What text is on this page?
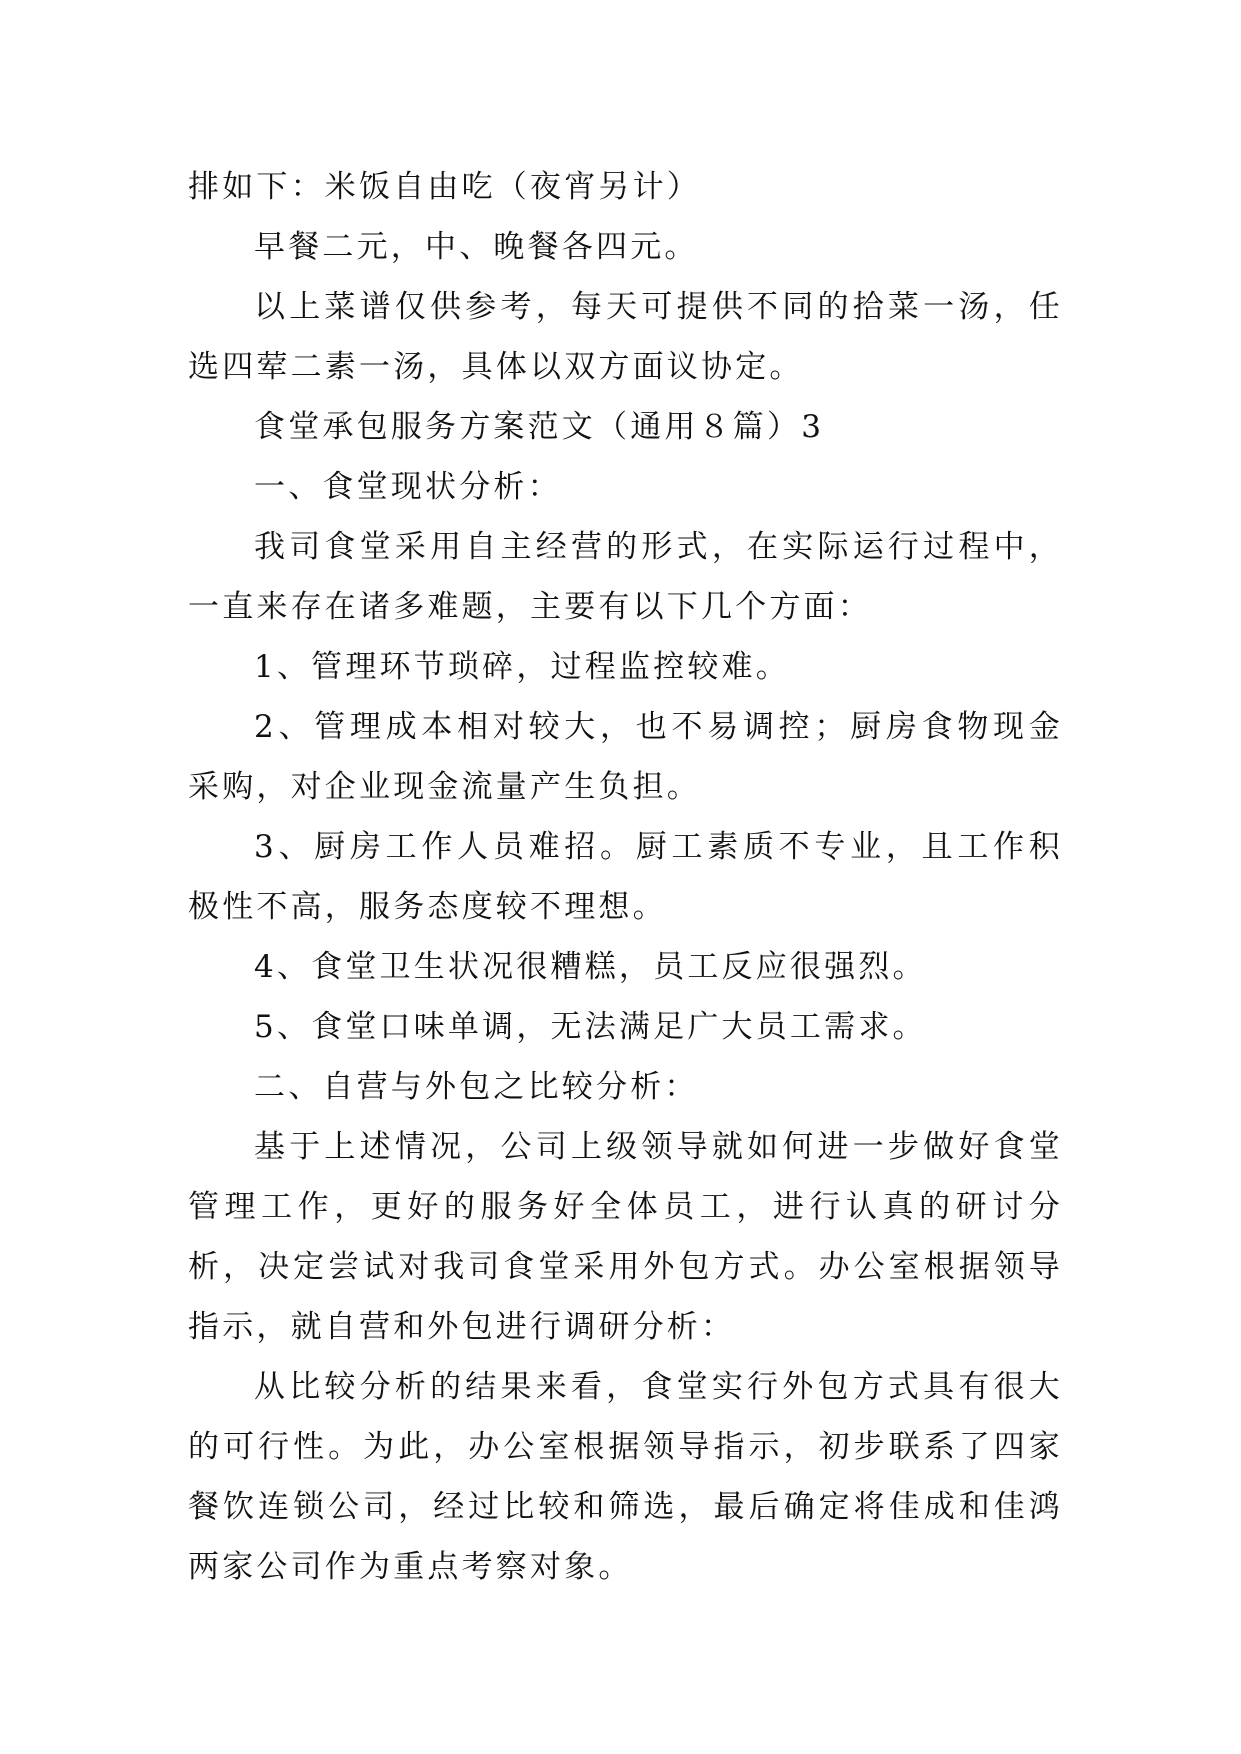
排如下：米饭自由吃（夜宵另计）

早餐二元，中、晚餐各四元。

以上菜谱仅供参考，每天可提供不同的拾菜一汤，任选四荤二素一汤，具体以双方面议协定。

食堂承包服务方案范文（通用８篇）3

一、食堂现状分析：

我司食堂采用自主经营的形式，在实际运行过程中，一直来存在诸多难题，主要有以下几个方面：

1、管理环节琐碎，过程监控较难。

2、管理成本相对较大，也不易调控；厨房食物现金采购，对企业现金流量产生负担。

3、厨房工作人员难招。厨工素质不专业，且工作积极性不高，服务态度较不理想。

4、食堂卫生状况很糟糕，员工反应很强烈。

5、食堂口味单调，无法满足广大员工需求。

二、自营与外包之比较分析：

基于上述情况，公司上级领导就如何进一步做好食堂管理工作，更好的服务好全体员工，进行认真的研讨分析，决定尝试对我司食堂采用外包方式。办公室根据领导指示，就自营和外包进行调研分析：

从比较分析的结果来看，食堂实行外包方式具有很大的可行性。为此，办公室根据领导指示，初步联系了四家餐饮连锁公司，经过比较和筛选，最后确定将佳成和佳鸿两家公司作为重点考察对象。
